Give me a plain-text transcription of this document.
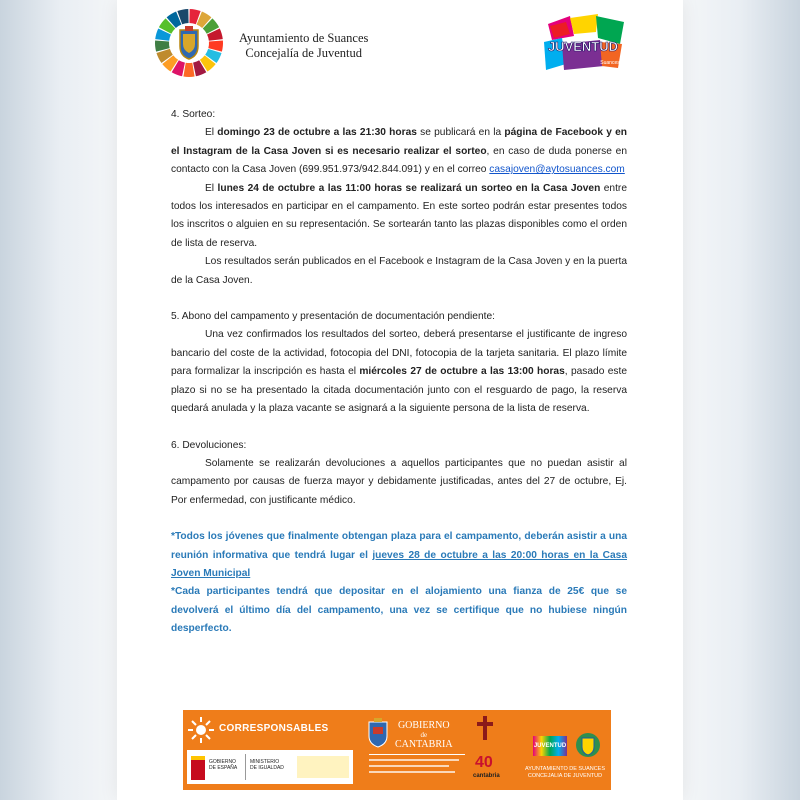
Ayuntamiento de Suances
Concejalía de Juventud	JUVENTUD
Suances

4. Sorteo:

El domingo 23 de octubre a las 21:30 horas se publicará en la página de Facebook y en el Instagram de la Casa Joven si es necesario realizar el sorteo, en caso de duda ponerse en contacto con la Casa Joven (699.951.973/942.844.091) y en el correo casajoven@aytosuances.com

El lunes 24 de octubre a las 11:00 horas se realizará un sorteo en la Casa Joven entre todos los interesados en participar en el campamento. En este sorteo podrán estar presentes todos los inscritos o alguien en su representación. Se sortearán tanto las plazas disponibles como el orden de lista de reserva.

Los resultados serán publicados en el Facebook e Instagram de la Casa Joven y en la puerta de la Casa Joven.

5. Abono del campamento y presentación de documentación pendiente:

Una vez confirmados los resultados del sorteo, deberá presentarse el justificante de ingreso bancario del coste de la actividad, fotocopia del DNI, fotocopia de la tarjeta sanitaria. El plazo límite para formalizar la inscripción es hasta el miércoles 27 de octubre a las 13:00 horas, pasado este plazo si no se ha presentado la citada documentación junto con el resguardo de pago, la reserva quedará anulada y la plaza vacante se asignará a la siguiente persona de la lista de reserva.

6. Devoluciones:

Solamente se realizarán devoluciones a aquellos participantes que no puedan asistir al campamento por causas de fuerza mayor y debidamente justificadas, antes del 27 de octubre, Ej. Por enfermedad, con justificante médico.

*Todos los jóvenes que finalmente obtengan plaza para el campamento, deberán asistir a una reunión informativa que tendrá lugar el jueves 28 de octubre a las 20:00 horas en la Casa Joven Municipal

*Cada participantes tendrá que depositar en el alojamiento una fianza de 25€ que se devolverá el último día del campamento, una vez se certifique que no hubiese ningún desperfecto.

CORRESPONSABLES
GOBIERNO
DE ESPAÑA
MINISTERIO
DE IGUALDAD
GOBIERNO
de
CANTABRIA
40
cantabria
JUVENTUD
AYUNTAMIENTO DE SUANCES
CONCEJALIA DE JUVENTUD
